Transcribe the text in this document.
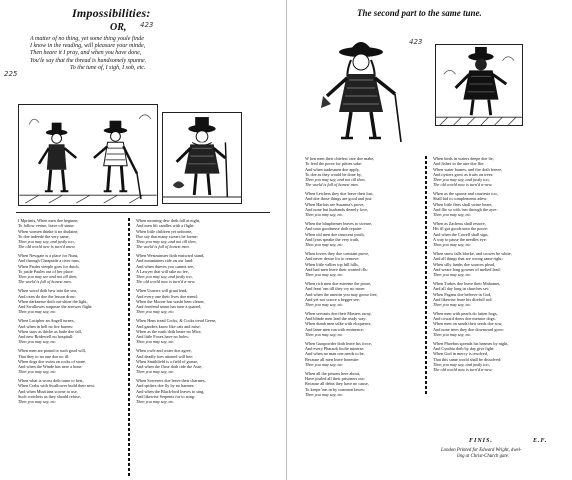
Impossibilities:
OR, 423
225
A matter of no thing, yet some thing youle finde
I know in the reading, will pleasure your minde,
Then heare it I pray, and when you have done,
You'le say that the thread is handsomely spunne.
To the tune of, I sigh, I sob, etc.
I Mprimis, When men doe beginne,
To follow vertue, leave off sinne:
When women thinke it no disdaine,
To doe indeede the very same,
Then you may say, and justly too,
The old world new is turn'd anew.
When Newgate is a place for Nuns,
And through Cheapside a river runs,
When Paules steeple goes for dutch,
To justle Paules out of her place:
Then you may see and not till then,
The world is full of honest men.
When wood doth hew into the sea,
And oxen do doe the lesson draw:
When darknesse doth out-shine the light,
And Swallowes surpasse the arrowes flight:
Then you may say, etc.
When Lucipher an Angell turnes,
And when in hell no fire burnes:
When stars as thicke as haile doe fall,
And new Bridewell no hospitall:
Then you may say, etc.
When men are pound to such good will,
That they to no one doe no ill:
When dogs doe swim on rocks of stone,
And when the Winde has nere a bone:
Then you may say, etc.
When what is worst doth turne to best,
When Crabs with Swallowes build their nest:
And when Musitians scorne to use,
Such crotchets as they should refuse,
Then you may say, etc.
When morning dew doth fall at night,
And men lift candles with a flight:
When little children yet unborne,
Doe say that many swears be forme:
Then you may say, and not till then,
The world is full of honest men.
When Westminster doth eastward stand,
And mountaines ride on our land:
And when thieves you cannot see,
A Lawyer that will take no fee,
Then you may say, and justly too,
The old world now is turn'd a-new.
When Usurers will grant lend,
And every one their lives doe mend:
When the Moone has washt hem cleane,
And forefend smart has tune a quarrel,
Then you may say, etc.
When Hens tread Cocks, & Cocks tread Geese,
And ganders know like cats and mise:
When as the earth doth beare no Mice,
And little Foxes have no holes:
Then you may say, etc.
When owle and water doe agree,
And deadly foes attoned will bee:
When Smithfield is a field of grasse,
And when the Ouse doth ride the Asse,
Then you may say, etc.
When Sorcerers doe leave their charmes,
And spiders doe fly by no harmes:
And when the Black-bird leaves to sing,
And likewise Serpents for to sting:
Then you may say, etc.
The second part to the same tune.
423
W hen men their chiefest care doe make,
To feed the poore for pitties sake:
And when tradesmen doe apply,
To doe as they would be done by,
Then you may say, and not till then,
The world is full of honest men.
When Letchers they doe leave their lust,
And doe those things are good and just:
When Harlots are Susanna's prove,
And none but husbands dearely love,
Then you may say, etc.
When the blasphemer leaves to sweare,
And unto goodnesse doth repaire:
When old men doe innocent youth,
And lyars speake the very truth,
Then you may say, etc.
When lovers they doe constant prove,
And never desire for to remove:
When little vallies top hill hills,
And bad men leave their wonted ills:
Then you may say, etc.
When rich men doe esteeme the poore,
And feast 'em till they cry no more:
And when the unerrin you may goose free,
And yet not scarce a begger see:
Then you may say, etc.
When servants doe their Masters away,
And blinde men lead the ready way:
When dumb men talke with eloquence,
And lame men run with eminence:
Then you may say, etc.
When Gunpowder doth leave his force,
And every Pharaoh foolie minerse:
And when no man one needs to be,
Because all men leave honestie:
Then you may say, etc.
When all the prisons here about,
Have jostled all their prisoners out:
Because all debts they have no cause,
To keepe 'em in by common lawes:
Then you may say, etc.
When birds in waters deepe doe lie,
And fishes in the aire doe flie:
When water barnes, and fire doth freeze,
And oysters grow as fruits on trees:
Then you may say, and justly too,
The old world now is turn'd a-new.
When as the spouse and courtesie too,
Shall bid to complements adew:
When little flees shall swine heare,
And flie so with 'em through the ayre:
Then you may say, etc.
When as Zacheus shall restore,
His ill got goods unto the poore:
And when the Cowell shall sign,
A way to passe the needles eye:
Then you may say, etc.
When snow falls blacke, and crowes be white,
And all things that are wrong same right:
When silly lambs doe sources plead,
And weare long gownes of melted lead:
Then you may say, etc.
When Turkes doe leave their Mahomet,
And all day long in churches set:
When Pagans doe beleeve in God,
And likewise feare his direfull rod:
Then you may say, etc.
When men with pearls do fatten hogs,
And coward doers doe menace dogs:
When men on sands their seeds doe sow,
And none trees they doe downward grow:
Then you may say, etc.
When Phoebus spreads his beames by night,
And Cynthia doth by day give light:
When God in mercy is resolved,
That this same world shall be dissolved:
Then you may say, and justly too,
The old world now is turn'd a-new.
FINIS.	E.F.
London Printed for Edward Wright, dwel-
ling at Christ-Church gate.
